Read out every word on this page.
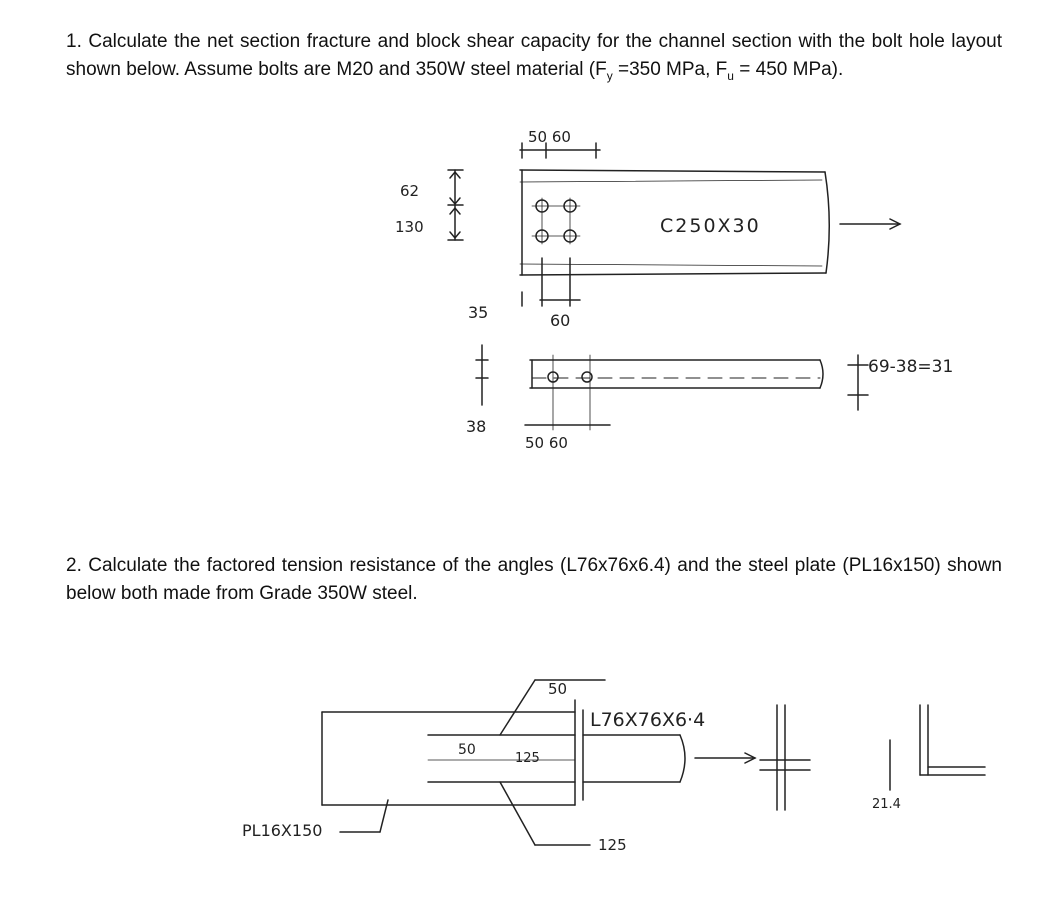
1. Calculate the net section fracture and block shear capacity for the channel section with the bolt hole layout shown below. Assume bolts are M20 and 350W steel material ($F_y =350$ MPa, $F_u = 450$ MPa).
50 60
62
130	C250X30
35	60
38
50 60
69-38=31
2. Calculate the factored tension resistance of the angles (L76x76x6.4) and the steel plate (PL16x150) shown below both made from Grade 350W steel.
50
L76X76X6·4
50
125
125
PL16X150
21.4
